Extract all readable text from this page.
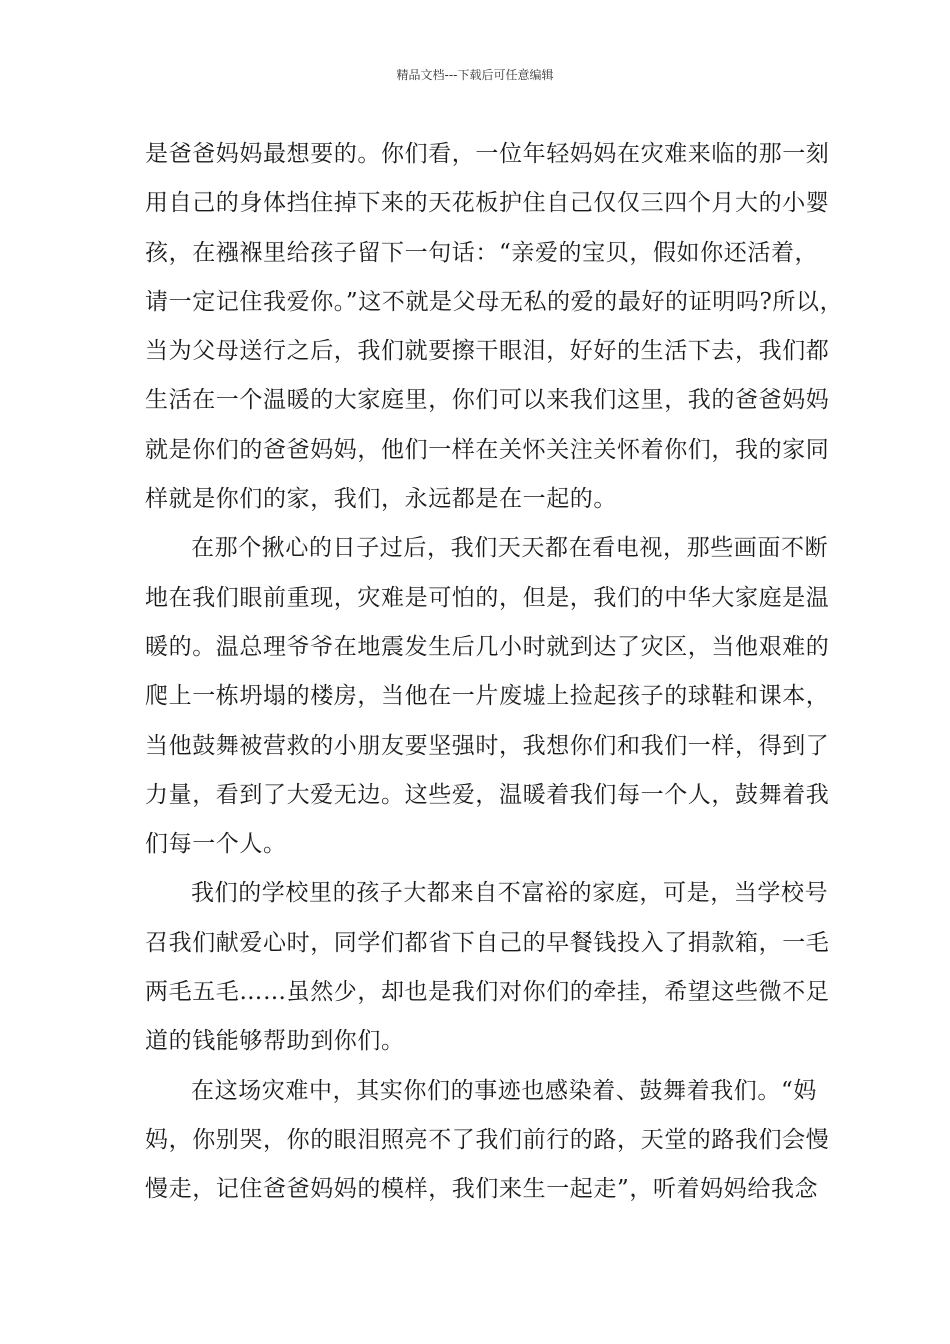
精品文档---下载后可任意编辑
是爸爸妈妈最想要的。你们看，一位年轻妈妈在灾难来临的那一刻
用自己的身体挡住掉下来的天花板护住自己仅仅三四个月大的小婴
孩，在襁褓里给孩子留下一句话：“亲爱的宝贝，假如你还活着，
请一定记住我爱你。”这不就是父母无私的爱的最好的证明吗?所以，
当为父母送行之后，我们就要擦干眼泪，好好的生活下去，我们都
生活在一个温暖的大家庭里，你们可以来我们这里，我的爸爸妈妈
就是你们的爸爸妈妈，他们一样在关怀关注关怀着你们，我的家同
样就是你们的家，我们，永远都是在一起的。
在那个揪心的日子过后，我们天天都在看电视，那些画面不断
地在我们眼前重现，灾难是可怕的，但是，我们的中华大家庭是温
暖的。温总理爷爷在地震发生后几小时就到达了灾区，当他艰难的
爬上一栋坍塌的楼房，当他在一片废墟上捡起孩子的球鞋和课本，
当他鼓舞被营救的小朋友要坚强时，我想你们和我们一样，得到了
力量，看到了大爱无边。这些爱，温暖着我们每一个人，鼓舞着我
们每一个人。
我们的学校里的孩子大都来自不富裕的家庭，可是，当学校号
召我们献爱心时，同学们都省下自己的早餐钱投入了捐款箱，一毛
两毛五毛……虽然少，却也是我们对你们的牵挂，希望这些微不足
道的钱能够帮助到你们。
在这场灾难中，其实你们的事迹也感染着、鼓舞着我们。“妈
妈，你别哭，你的眼泪照亮不了我们前行的路，天堂的路我们会慢
慢走，记住爸爸妈妈的模样，我们来生一起走”，听着妈妈给我念
